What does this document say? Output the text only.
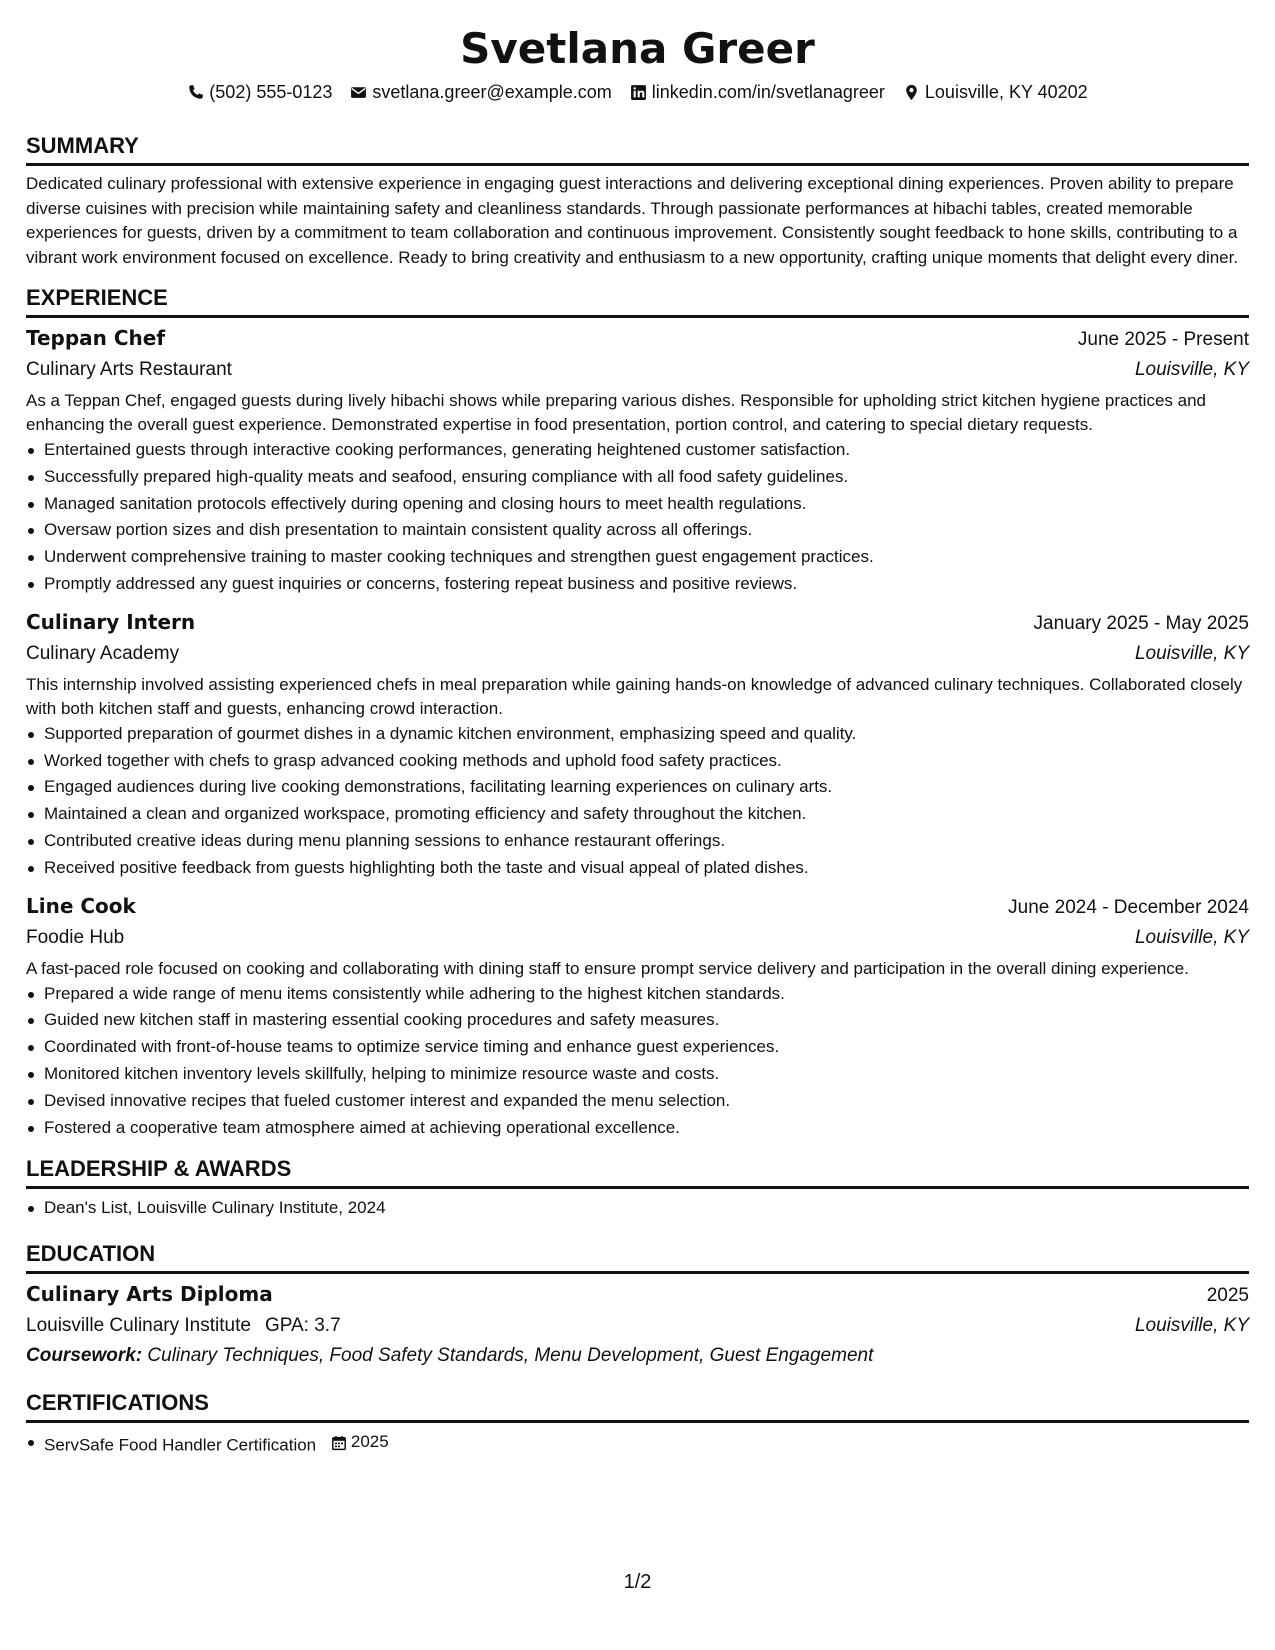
Svetlana Greer
(502) 555-0123 svetlana.greer@example.com linkedin.com/in/svetlanagreer Louisville, KY 40202
SUMMARY
Dedicated culinary professional with extensive experience in engaging guest interactions and delivering exceptional dining experiences. Proven ability to prepare diverse cuisines with precision while maintaining safety and cleanliness standards. Through passionate performances at hibachi tables, created memorable experiences for guests, driven by a commitment to team collaboration and continuous improvement. Consistently sought feedback to hone skills, contributing to a vibrant work environment focused on excellence. Ready to bring creativity and enthusiasm to a new opportunity, crafting unique moments that delight every diner.
EXPERIENCE
Teppan Chef	June 2025 - Present
Culinary Arts Restaurant	Louisville, KY
As a Teppan Chef, engaged guests during lively hibachi shows while preparing various dishes. Responsible for upholding strict kitchen hygiene practices and enhancing the overall guest experience. Demonstrated expertise in food presentation, portion control, and catering to special dietary requests.
Entertained guests through interactive cooking performances, generating heightened customer satisfaction.
Successfully prepared high-quality meats and seafood, ensuring compliance with all food safety guidelines.
Managed sanitation protocols effectively during opening and closing hours to meet health regulations.
Oversaw portion sizes and dish presentation to maintain consistent quality across all offerings.
Underwent comprehensive training to master cooking techniques and strengthen guest engagement practices.
Promptly addressed any guest inquiries or concerns, fostering repeat business and positive reviews.
Culinary Intern	January 2025 - May 2025
Culinary Academy	Louisville, KY
This internship involved assisting experienced chefs in meal preparation while gaining hands-on knowledge of advanced culinary techniques. Collaborated closely with both kitchen staff and guests, enhancing crowd interaction.
Supported preparation of gourmet dishes in a dynamic kitchen environment, emphasizing speed and quality.
Worked together with chefs to grasp advanced cooking methods and uphold food safety practices.
Engaged audiences during live cooking demonstrations, facilitating learning experiences on culinary arts.
Maintained a clean and organized workspace, promoting efficiency and safety throughout the kitchen.
Contributed creative ideas during menu planning sessions to enhance restaurant offerings.
Received positive feedback from guests highlighting both the taste and visual appeal of plated dishes.
Line Cook	June 2024 - December 2024
Foodie Hub	Louisville, KY
A fast-paced role focused on cooking and collaborating with dining staff to ensure prompt service delivery and participation in the overall dining experience.
Prepared a wide range of menu items consistently while adhering to the highest kitchen standards.
Guided new kitchen staff in mastering essential cooking procedures and safety measures.
Coordinated with front-of-house teams to optimize service timing and enhance guest experiences.
Monitored kitchen inventory levels skillfully, helping to minimize resource waste and costs.
Devised innovative recipes that fueled customer interest and expanded the menu selection.
Fostered a cooperative team atmosphere aimed at achieving operational excellence.
LEADERSHIP & AWARDS
Dean's List, Louisville Culinary Institute, 2024
EDUCATION
Culinary Arts Diploma	2025
Louisville Culinary Institute GPA: 3.7	Louisville, KY
Coursework: Culinary Techniques, Food Safety Standards, Menu Development, Guest Engagement
CERTIFICATIONS
ServSafe Food Handler Certification 2025
1/2
